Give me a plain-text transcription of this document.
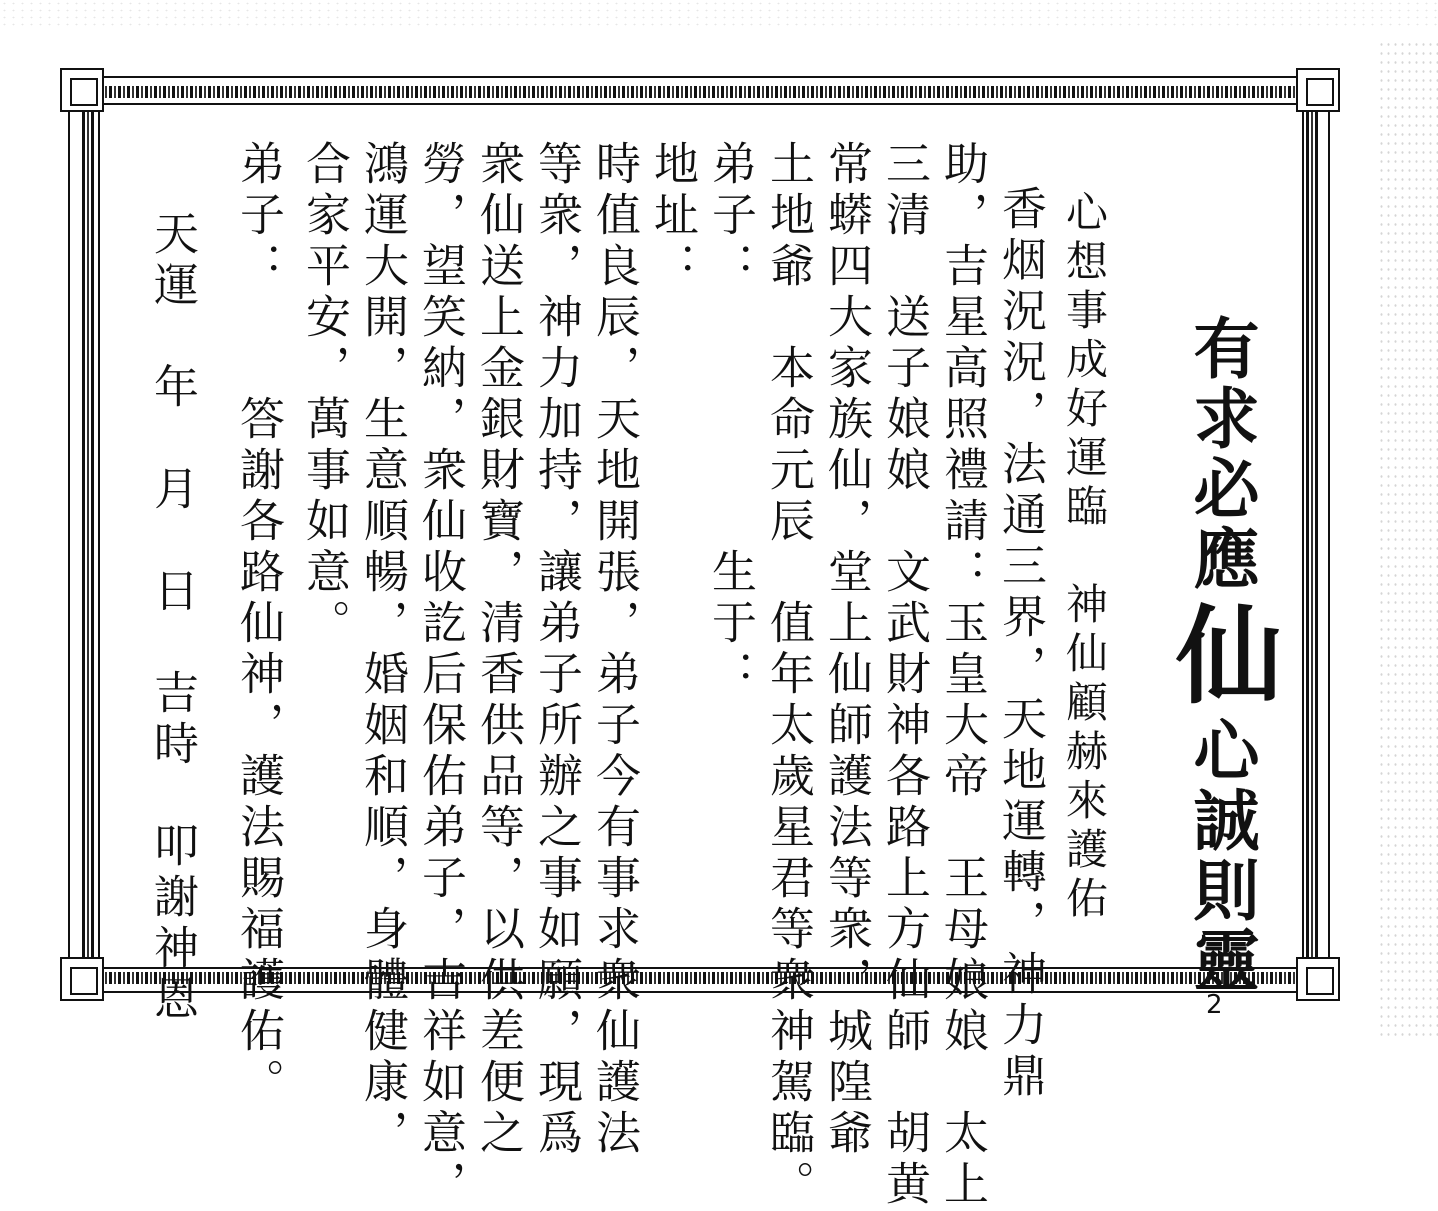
有求必應仙心誠則靈

心想事成好運臨　神仙顧赫來護佑
香烟況況，法通三界，天地運轉，神力鼎
助，吉星高照禮請：玉皇大帝　王母娘娘　太上
三清　送子娘娘　文武財神各路上方仙師　胡黄
常蟒四大家族仙，堂上仙師護法等衆，城隍爺
土地爺　本命元辰　值年太歲星君等衆神駕臨。
弟子：　　　　　生于：
地址：
時值良辰，天地開張，弟子今有事求衆仙護法
等衆，神力加持，讓弟子所辦之事如願，現爲
衆仙送上金銀財寶，清香供品等，以供差便之
勞，望笑納，衆仙收訖后保佑弟子，吉祥如意，
鴻運大開，生意順暢，婚姻和順，身體健康，
合家平安，萬事如意。
弟子：　　答謝各路仙神，護法賜福護佑。
天運　年　月　日　吉時　叩謝神恩	2
